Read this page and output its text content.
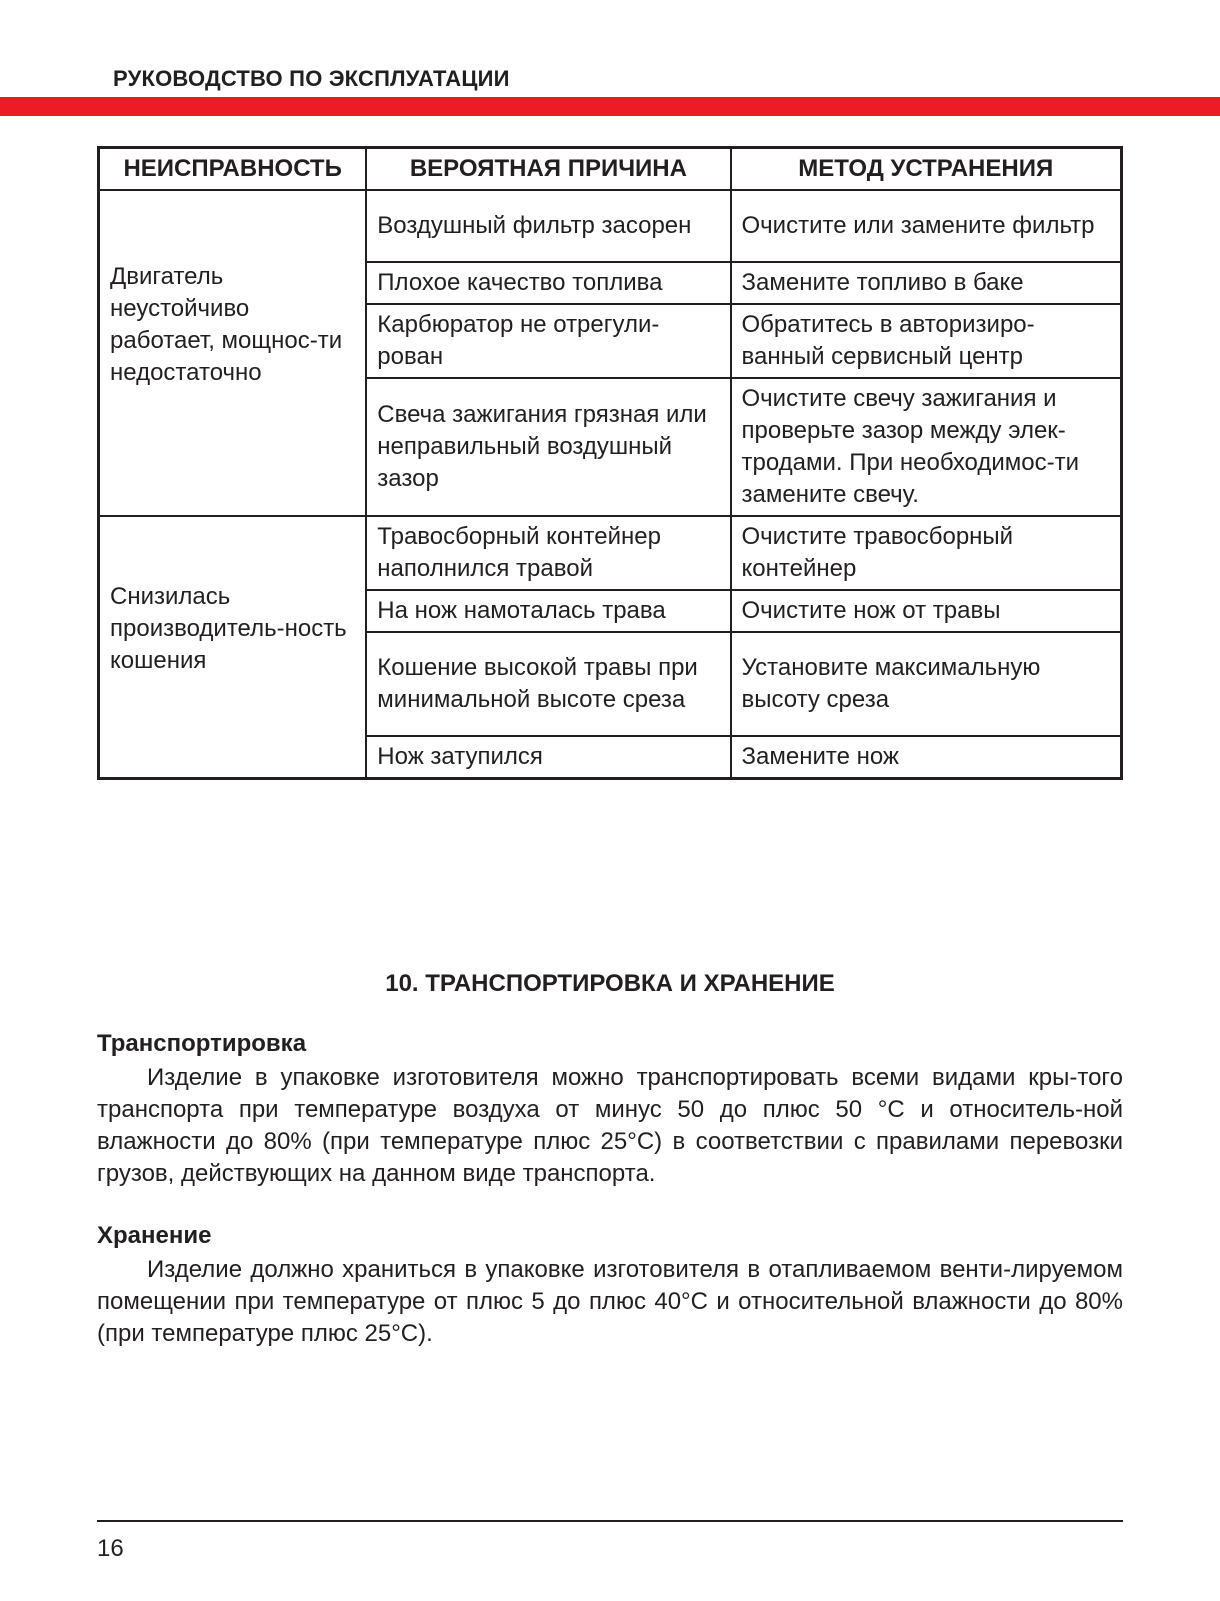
РУКОВОДСТВО ПО ЭКСПЛУАТАЦИИ
НЕИСПРАВНОСТЬ	ВЕРОЯТНАЯ ПРИЧИНА	МЕТОД УСТРАНЕНИЯ
Двигатель неустойчиво работает, мощнос-ти недостаточно	Воздушный фильтр засорен	Очистите или замените фильтр
	Плохое качество топлива	Замените топливо в баке
	Карбюратор не отрегули-рован	Обратитесь в авторизиро-ванный сервисный центр
	Свеча зажигания грязная или неправильный воздушный зазор	Очистите свечу зажигания и проверьте зазор между элек-тродами. При необходимос-ти замените свечу.
Снизилась производитель-ность кошения	Травосборный контейнер наполнился травой	Очистите травосборный контейнер
	На нож намоталась трава	Очистите нож от травы
	Кошение высокой травы при минимальной высоте среза	Установите максимальную высоту среза
	Нож затупился	Замените нож
10. ТРАНСПОРТИРОВКА И ХРАНЕНИЕ
Транспортировка

Изделие в упаковке изготовителя можно транспортировать всеми видами кры-того транспорта при температуре воздуха от минус 50 до плюс 50 °С и относитель-ной влажности до 80% (при температуре плюс 25°С) в соответствии с правилами перевозки грузов, действующих на данном виде транспорта.

Хранение

Изделие должно храниться в упаковке изготовителя в отапливаемом венти-лируемом помещении при температуре от плюс 5 до плюс 40°С и относительной влажности до 80% (при температуре плюс 25°С).

16
